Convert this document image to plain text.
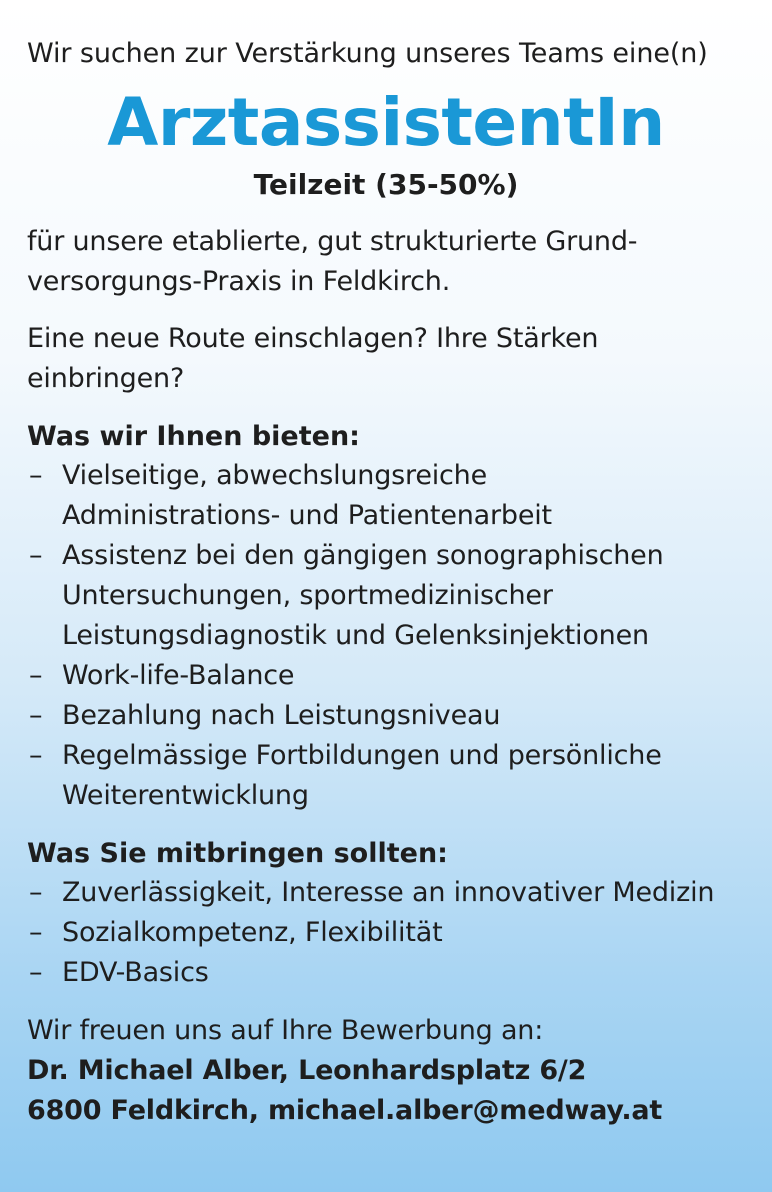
Wir suchen zur Verstärkung unseres Teams eine(n)
ArztassistentIn
Teilzeit (35-50%)
für unsere etablierte, gut strukturierte Grund-
versorgungs-Praxis in Feldkirch.
Eine neue Route einschlagen? Ihre Stärken
einbringen?
Was wir Ihnen bieten:
– Vielseitige, abwechslungsreiche
Administrations- und Patientenarbeit
– Assistenz bei den gängigen sonographischen
Untersuchungen, sportmedizinischer
Leistungsdiagnostik und Gelenksinjektionen
– Work-life-Balance
– Bezahlung nach Leistungsniveau
– Regelmässige Fortbildungen und persönliche
Weiterentwicklung
Was Sie mitbringen sollten:
– Zuverlässigkeit, Interesse an innovativer Medizin
– Sozialkompetenz, Flexibilität
– EDV-Basics
Wir freuen uns auf Ihre Bewerbung an:
Dr. Michael Alber, Leonhardsplatz 6/2
6800 Feldkirch, michael.alber@medway.at
